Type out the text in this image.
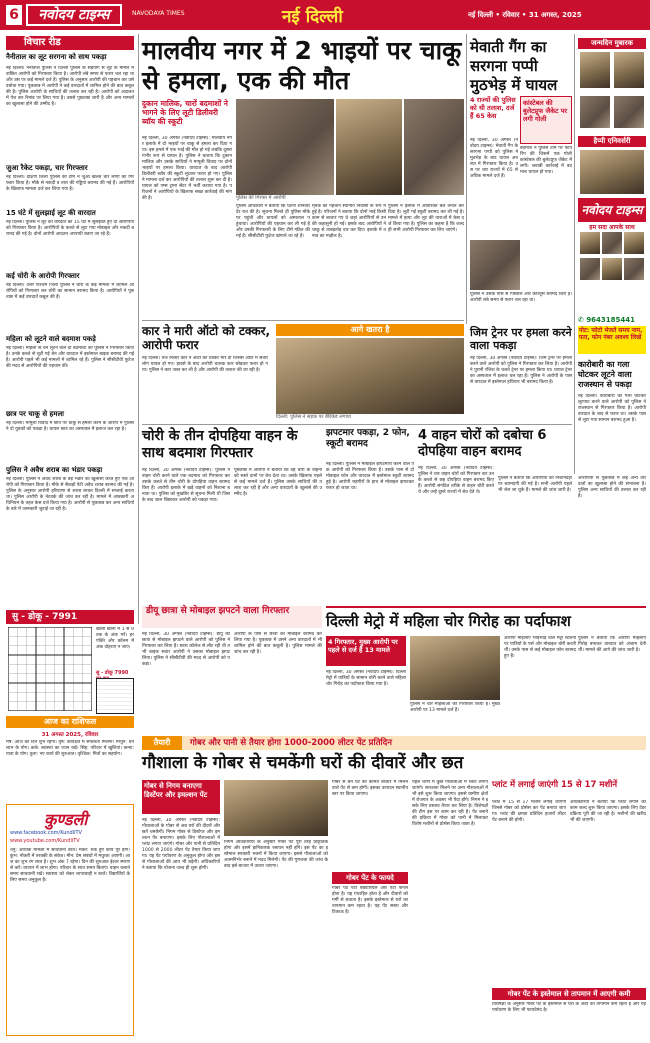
6	नवोदय टाइम्स	NAVODAYA TIMES	नई दिल्ली	नई दिल्ली • रविवार • 31 अगस्त, 2025
विचार रीड
नैनीताल का लूट सरगना को साथ पकड़ा
नई दिल्ली। नैनीताल पुलिस ने दिल्ली पुलिस के सहयोग से लूट के मामले में वांछित आरोपी को गिरफ्तार किया है। आरोपी लंबे समय से फरार चल रहा था और उस पर कई मामले दर्ज हैं। पुलिस के अनुसार आरोपी की पहचान कर उसे दबोचा गया। पूछताछ में आरोपी ने कई वारदातों में शामिल होने की बात कबूल की है। पुलिस आरोपी के साथियों की तलाश कर रही है। आरोपी को अदालत में पेश कर रिमांड पर लिया गया है। उससे पूछताछ जारी है और अन्य मामलों का खुलासा होने की उम्मीद है।
जुआ रैकेट पकड़ा, चार गिरफ्तार
नई दिल्ली। दक्षिण जिला पुलिस की टीम ने जुआ खेलते चार लोगों को गिरफ्तार किया है। मौके से नकदी व ताश की गड्डियां बरामद की गई हैं। आरोपियों के खिलाफ मामला दर्ज कर लिया गया है।
15 घंटे में सुलझाई लूट की वारदात
नई दिल्ली। पुलिस ने लूट की वारदात को 15 घंटे में सुलझाते हुए दो आरोपियों को गिरफ्तार किया है। आरोपियों के कब्जे से लूटा गया मोबाइल और नकदी बरामद की गई है। दोनों आरोपी आदतन अपराधी बताए जा रहे हैं।
कई चोरी के आरोपी गिरफ्तार
नई दिल्ली। उत्तर पश्चिम जिला पुलिस ने चोरी के कई मामलों में शामिल आरोपियों को गिरफ्तार कर चोरी का सामान बरामद किया है। आरोपियों ने पूछताछ में कई वारदातें कबूल की हैं।
महिला को लूटने वाले बदमाश पकड़े
नई दिल्ली। महिला से चेन लूटने वाले दो बदमाशों को पुलिस ने गिरफ्तार किया है। उनके कब्जे से लूटी गई चेन और वारदात में इस्तेमाल बाइक बरामद की गई है। आरोपी पहले भी कई मामलों में शामिल रहे हैं। पुलिस ने सीसीटीवी फुटेज की मदद से आरोपियों की पहचान की।
छात्र पर चाकू से हमला
नई दिल्ली। मामूली विवाद में छात्र पर चाकू से हमला करने के आरोप में पुलिस ने दो युवकों को पकड़ा है। घायल छात्र का अस्पताल में इलाज चल रहा है।
पुलिस ने अवैध शराब का भंडार पकड़ा
नई दिल्ली। पुलिस ने अवैध शराब के बड़े भंडार का खुलासा करते हुए एक आरोपी को गिरफ्तार किया है। मौके से सैकड़ों पेटी अवैध शराब बरामद की गई है। पुलिस के अनुसार आरोपी हरियाणा से शराब लाकर दिल्ली में सप्लाई करता था। पुलिस आरोपी के नेटवर्क की जांच कर रही है। मामले में आबकारी अधिनियम के तहत केस दर्ज किया गया है। आरोपी से पूछताछ कर अन्य साथियों के बारे में जानकारी जुटाई जा रही है।
मालवीय नगर में 2 भाइयों पर चाकू से हमला, एक की मौत
दुकान मालिक, चारों बदमाशों ने भागने के लिए लूटी डिलीवरी ब्वॉय की स्कूटी
पुलिस की गिरफ्त में आरोपी
नई दिल्ली, 30 अगस्त (नवोदय टाइम्स): मालवीय नगर इलाके में दो भाइयों पर चाकू से हमला कर दिया गया। इस हमले में एक भाई की मौत हो गई जबकि दूसरा गंभीर रूप से घायल है। पुलिस ने बताया कि दुकान मालिक और उसके साथियों ने मामूली विवाद पर दोनों भाइयों पर हमला किया। वारदात के बाद आरोपी डिलीवरी ब्वॉय की स्कूटी लूटकर फरार हो गए। पुलिस ने मामला दर्ज कर आरोपियों की तलाश शुरू कर दी है। घायल को एम्स ट्रामा सेंटर में भर्ती कराया गया है। परिजनों ने आरोपियों के खिलाफ सख्त कार्रवाई की मांग की है।
पुलिस अधिकारी ने बताया कि घटना शनिवार देर रात की है। सूचना मिलते ही पुलिस मौके पर पहुंची और घायलों को अस्पताल पहुंचाया। आरोपियों की पहचान कर ली गई है और उनकी गिरफ्तारी के लिए टीमें गठित की गई हैं। सीसीटीवी फुटेज खंगाले जा रहे हैं।
मृतक की पहचान स्थानीय निवासी के रूप में हुई है। परिजनों ने बताया कि दोनों भाई किसी काम से बाजार गए थे जहां आरोपियों से उनकी कहासुनी हो गई। इसके बाद आरोपियों ने चाकू से ताबड़तोड़ वार कर दिए। इलाके में तनाव का माहौल है।
पुलिस ने इलाके में अतिरिक्त बल तैनात कर दिया है। लूटी गई स्कूटी बरामद कर ली गई है। मामले में हत्या और लूट की धाराओं में केस दर्ज किया गया है। पुलिस का कहना है कि जल्द ही सभी आरोपी गिरफ्तार कर लिए जाएंगे।
मेवाती गैंग का सरगना पप्पी मुठभेड़ में घायल
4 राज्यों की पुलिस को थी तलाश, दर्ज हैं 65 केस
कांस्टेबल की बुलेटप्रूफ जैकेट पर लगी गोली
बदमाश ने पुलिस टीम पर फायरिंग की जिसमें एक गोली कांस्टेबल की बुलेटप्रूफ जैकेट में लगी। जवाबी कार्रवाई में बदमाश घायल हो गया।
नई दिल्ली, 30 अगस्त (नवोदय टाइम्स): मेवाती गैंग के सरगना पप्पी को पुलिस ने मुठभेड़ के बाद घायल अवस्था में गिरफ्तार किया है। उस पर चार राज्यों में 65 से अधिक मामले दर्ज हैं।
पुलिस ने उसके पास से पिस्तौल और कारतूस बरामद किए हैं। आरोपी लंबे समय से फरार चल रहा था।
जन्मदिन मुबारक
हैप्पी एनिवर्सरी
नवोदय टाइम्स
हम सदा आपके साथ
✆ 9643185441
नोट: फोटो भेजते समय नाम, पता, फोन नंबर अवश्य लिखें
कारोबारी का गला घोटकर लूटने वाला राजस्थान से पकड़ा
नई दिल्ली। कारोबारी का गला घोटकर लूटपाट करने वाले आरोपी को पुलिस ने राजस्थान से गिरफ्तार किया है। आरोपी वारदात के बाद से फरार था। उसके पास से लूटा गया सामान बरामद हुआ है।
कार ने मारी ऑटो को टक्कर, आरोपी फरार
नई दिल्ली। तेज रफ्तार कार ने ऑटो को टक्कर मार दी जिससे ऑटो में सवार लोग घायल हो गए। हादसे के बाद आरोपी चालक कार छोड़कर फरार हो गया। पुलिस ने कार जब्त कर ली है और आरोपी की तलाश की जा रही है।
आगे खतरा है
दिल्ली: पुलिस ने सड़क पर बैरिकेड लगाया
जिम ट्रेनर पर हमला करने वाला पकड़ा
नई दिल्ली, 30 अगस्त (नवोदय टाइम्स): जिम ट्रेनर पर हमला करने वाले आरोपी को पुलिस ने गिरफ्तार कर लिया है। आरोपी ने पुरानी रंजिश के चलते ट्रेनर पर हमला किया था। घायल ट्रेनर का अस्पताल में इलाज चल रहा है। पुलिस ने आरोपी के पास से वारदात में इस्तेमाल हथियार भी बरामद किया है।
चोरी के तीन दोपहिया वाहन के साथ बदमाश गिरफ्तार
नई दिल्ली, 30 अगस्त (नवोदय टाइम्स): पुलिस ने वाहन चोरी करने वाले एक बदमाश को गिरफ्तार कर उसके कब्जे से तीन चोरी के दोपहिया वाहन बरामद किए हैं। आरोपी इलाके में खड़े वाहनों को निशाना बनाता था। पुलिस को मुखबिर से सूचना मिली थी जिसके बाद जाल बिछाकर आरोपी को पकड़ा गया।
पूछताछ में आरोपी ने बताया कि वह चोरी के वाहनों को सस्ते दामों पर बेच देता था। उसके खिलाफ पहले से कई मामले दर्ज हैं। पुलिस उसके साथियों की तलाश कर रही है और अन्य वारदातों के खुलासे की उम्मीद है।
झपटमार पकड़ा, 2 फोन, स्कूटी बरामद
नई दिल्ली। पुलिस ने मोबाइल झपटमारी करने वाले एक आरोपी को गिरफ्तार किया है। उसके पास से दो मोबाइल फोन और वारदात में इस्तेमाल स्कूटी बरामद हुई है। आरोपी राहगीरों के हाथ से मोबाइल झपटकर फरार हो जाता था।
4 वाहन चोरों को दबोचा 6 दोपहिया वाहन बरामद
नई दिल्ली, 30 अगस्त (नवोदय टाइम्स): पुलिस ने चार वाहन चोरों को गिरफ्तार कर उनके कब्जे से छह दोपहिया वाहन बरामद किए हैं। आरोपी संगठित तरीके से वाहन चोरी करते थे और उन्हें दूसरे राज्यों में बेच देते थे।
पुलिस ने बताया कि आरोपियों की निशानदेही पर बरामदगी की गई है। सभी आरोपी पहले भी जेल जा चुके हैं। मामले की जांच जारी है।
आरोपियों से पूछताछ में कई अन्य वारदातों का खुलासा होने की संभावना है। पुलिस अन्य साथियों की तलाश कर रही है।
सु - डोकू - 7991
खाली खानों में 1 से 9 तक के अंक भरें। हर पंक्ति और कॉलम में अंक दोहराए न जाएं।
सु - डोकू 7990
डीयू छात्रा से मोबाइल झपटने वाला गिरफ्तार
नई दिल्ली, 30 अगस्त (नवोदय टाइम्स): डीयू की छात्रा से मोबाइल झपटने वाले आरोपी को पुलिस ने गिरफ्तार कर लिया है। छात्रा कॉलेज से लौट रही थी तभी बाइक सवार आरोपी ने उसका मोबाइल झपट लिया। पुलिस ने सीसीटीवी की मदद से आरोपी को पकड़ा।
आरोपी के पास से छात्रा का मोबाइल बरामद कर लिया गया है। पूछताछ में उसने अन्य वारदातों में भी शामिल होने की बात कबूली है। पुलिस मामले की जांच कर रही है।
आज का राशिफल
31 अगस्त 2025, रविवार
मेष: आज का दिन शुभ रहेगा। वृष: कार्यक्षेत्र में सफलता मिलेगी। मिथुन: धन लाभ के योग। कर्क: स्वास्थ्य का ध्यान रखें। सिंह: परिवार में खुशियां। कन्या: यात्रा के योग। तुला: नए कार्य की शुरुआत। वृश्चिक: मित्रों का सहयोग।
कुण्डली
www.facebook.com/KundliTV
www.youtube.com/KundliTV
धनु: आर्थिक मामलों में सावधानी बरतें। मकर: रुके हुए कार्य पूरे होंगे। कुंभ: नौकरी में तरक्की के संकेत। मीन: प्रेम संबंधों में मधुरता आएगी। आज का शुभ रंग लाल है। शुभ अंक 7 रहेगा। दिन की शुरुआत ईश्वर स्मरण से करें। व्यापार में लाभ होगा। परिवार के साथ समय बिताएं। वाहन चलाते समय सावधानी रखें। स्वास्थ्य को लेकर लापरवाही न बरतें। विद्यार्थियों के लिए समय अनुकूल है।
दिल्ली मेट्रो में महिला चोर गिरोह का पर्दाफाश
4 गिरफ्तार, मुख्य आरोपी पर पहले से दर्ज हैं 13 मामले
नई दिल्ली, 30 अगस्त (नवोदय टाइम्स): दिल्ली मेट्रो में यात्रियों के सामान चोरी करने वाले महिला चोर गिरोह का पर्दाफाश किया गया है।
पुलिस ने चार महिलाओं को गिरफ्तार किया है। मुख्य आरोपी पर 13 मामले दर्ज हैं।
आरोपी महिलाएं भीड़भाड़ वाले मेट्रो स्टेशनों पर यात्रियों के पर्स और मोबाइल चोरी करती थीं। उनके पास से कई मोबाइल फोन बरामद हुए हैं।
पुलिस ने बताया कि आरोपी महिलाएं गिरोह बनाकर वारदात को अंजाम देती थीं। मामले की आगे की जांच जारी है।
तैयारी	गोबर और पानी से तैयार होगा 1000-2000 लीटर पेंट प्रतिदिन
गौशाला के गोबर से चमकेंगी घरों की दीवारें और छत
गोबर से निगम बनाएगा डिस्टेंपर और इमल्शन पेंट
नई दिल्ली, 30 अगस्त (नवोदय टाइम्स): गौशालाओं के गोबर से अब घरों की दीवारें और छतें चमकेंगी। निगम गोबर से डिस्टेंपर और इमल्शन पेंट बनाएगा। इसके लिए गौशालाओं में प्लांट लगाए जाएंगे। गोबर और पानी से प्रतिदिन 1000 से 2000 लीटर पेंट तैयार किया जाएगा। यह पेंट पर्यावरण के अनुकूल होगा और इससे गौशालाओं की आय भी बढ़ेगी। अधिकारियों ने बताया कि योजना जल्द ही शुरू होगी।
निगम अधिकारियों के अनुसार गोबर पेंट पूरी तरह प्राकृतिक होगा और इसमें हानिकारक रसायन नहीं होंगे। इस पेंट का इस्तेमाल सरकारी भवनों में किया जाएगा। इससे गौशालाओं को आत्मनिर्भर बनाने में मदद मिलेगी। पेंट की गुणवत्ता की जांच के बाद इसे बाजार में उतारा जाएगा।
गोबर से बने पेंट की कीमत बाजार में मिलने वाले पेंट से कम होगी। इसका उत्पादन स्थानीय स्तर पर किया जाएगा।
गोबर पेंट के फायदे
गोबर पेंट एंटी बैक्टीरियल और एंटी फंगल होता है। यह गंधरहित होता है और दीवारों को गर्मी से बचाता है। इसके इस्तेमाल से घरों का तापमान कम रहता है। यह पेंट सस्ता और टिकाऊ है।
पहले चरण में कुछ गौशालाओं में प्लांट लगाए जाएंगे। सफलता मिलने पर अन्य गौशालाओं में भी इसे शुरू किया जाएगा। इससे ग्रामीण क्षेत्रों में रोजगार के अवसर भी पैदा होंगे। निगम ने इसके लिए प्रस्ताव तैयार कर लिया है। विशेषज्ञों की टीम इस पर काम कर रही है। पेंट बनाने की प्रक्रिया में गोबर को पानी में मिलाकर विशेष मशीनों से प्रोसेस किया जाता है।
प्लांट में लगाई जाएंगी 15 से 17 मशीनें
प्लांट में 15 से 17 मशीनें लगाई जाएंगी जिनसे गोबर को प्रोसेस कर पेंट बनाया जाएगा। प्लांट की क्षमता प्रतिदिन हजारों लीटर पेंट बनाने की होगी।
अधिकारियों ने बताया कि प्लांट लगाने का काम जल्द शुरू किया जाएगा। इसके लिए टेंडर प्रक्रिया पूरी की जा रही है। मशीनों की खरीद भी की जाएगी।
गोबर पेंट के इस्तेमाल से तापमान में आएगी कमी
विशेषज्ञों के अनुसार गोबर पेंट के इस्तेमाल से घरों के अंदर का तापमान कम रहता है और यह पर्यावरण के लिए भी फायदेमंद है।
